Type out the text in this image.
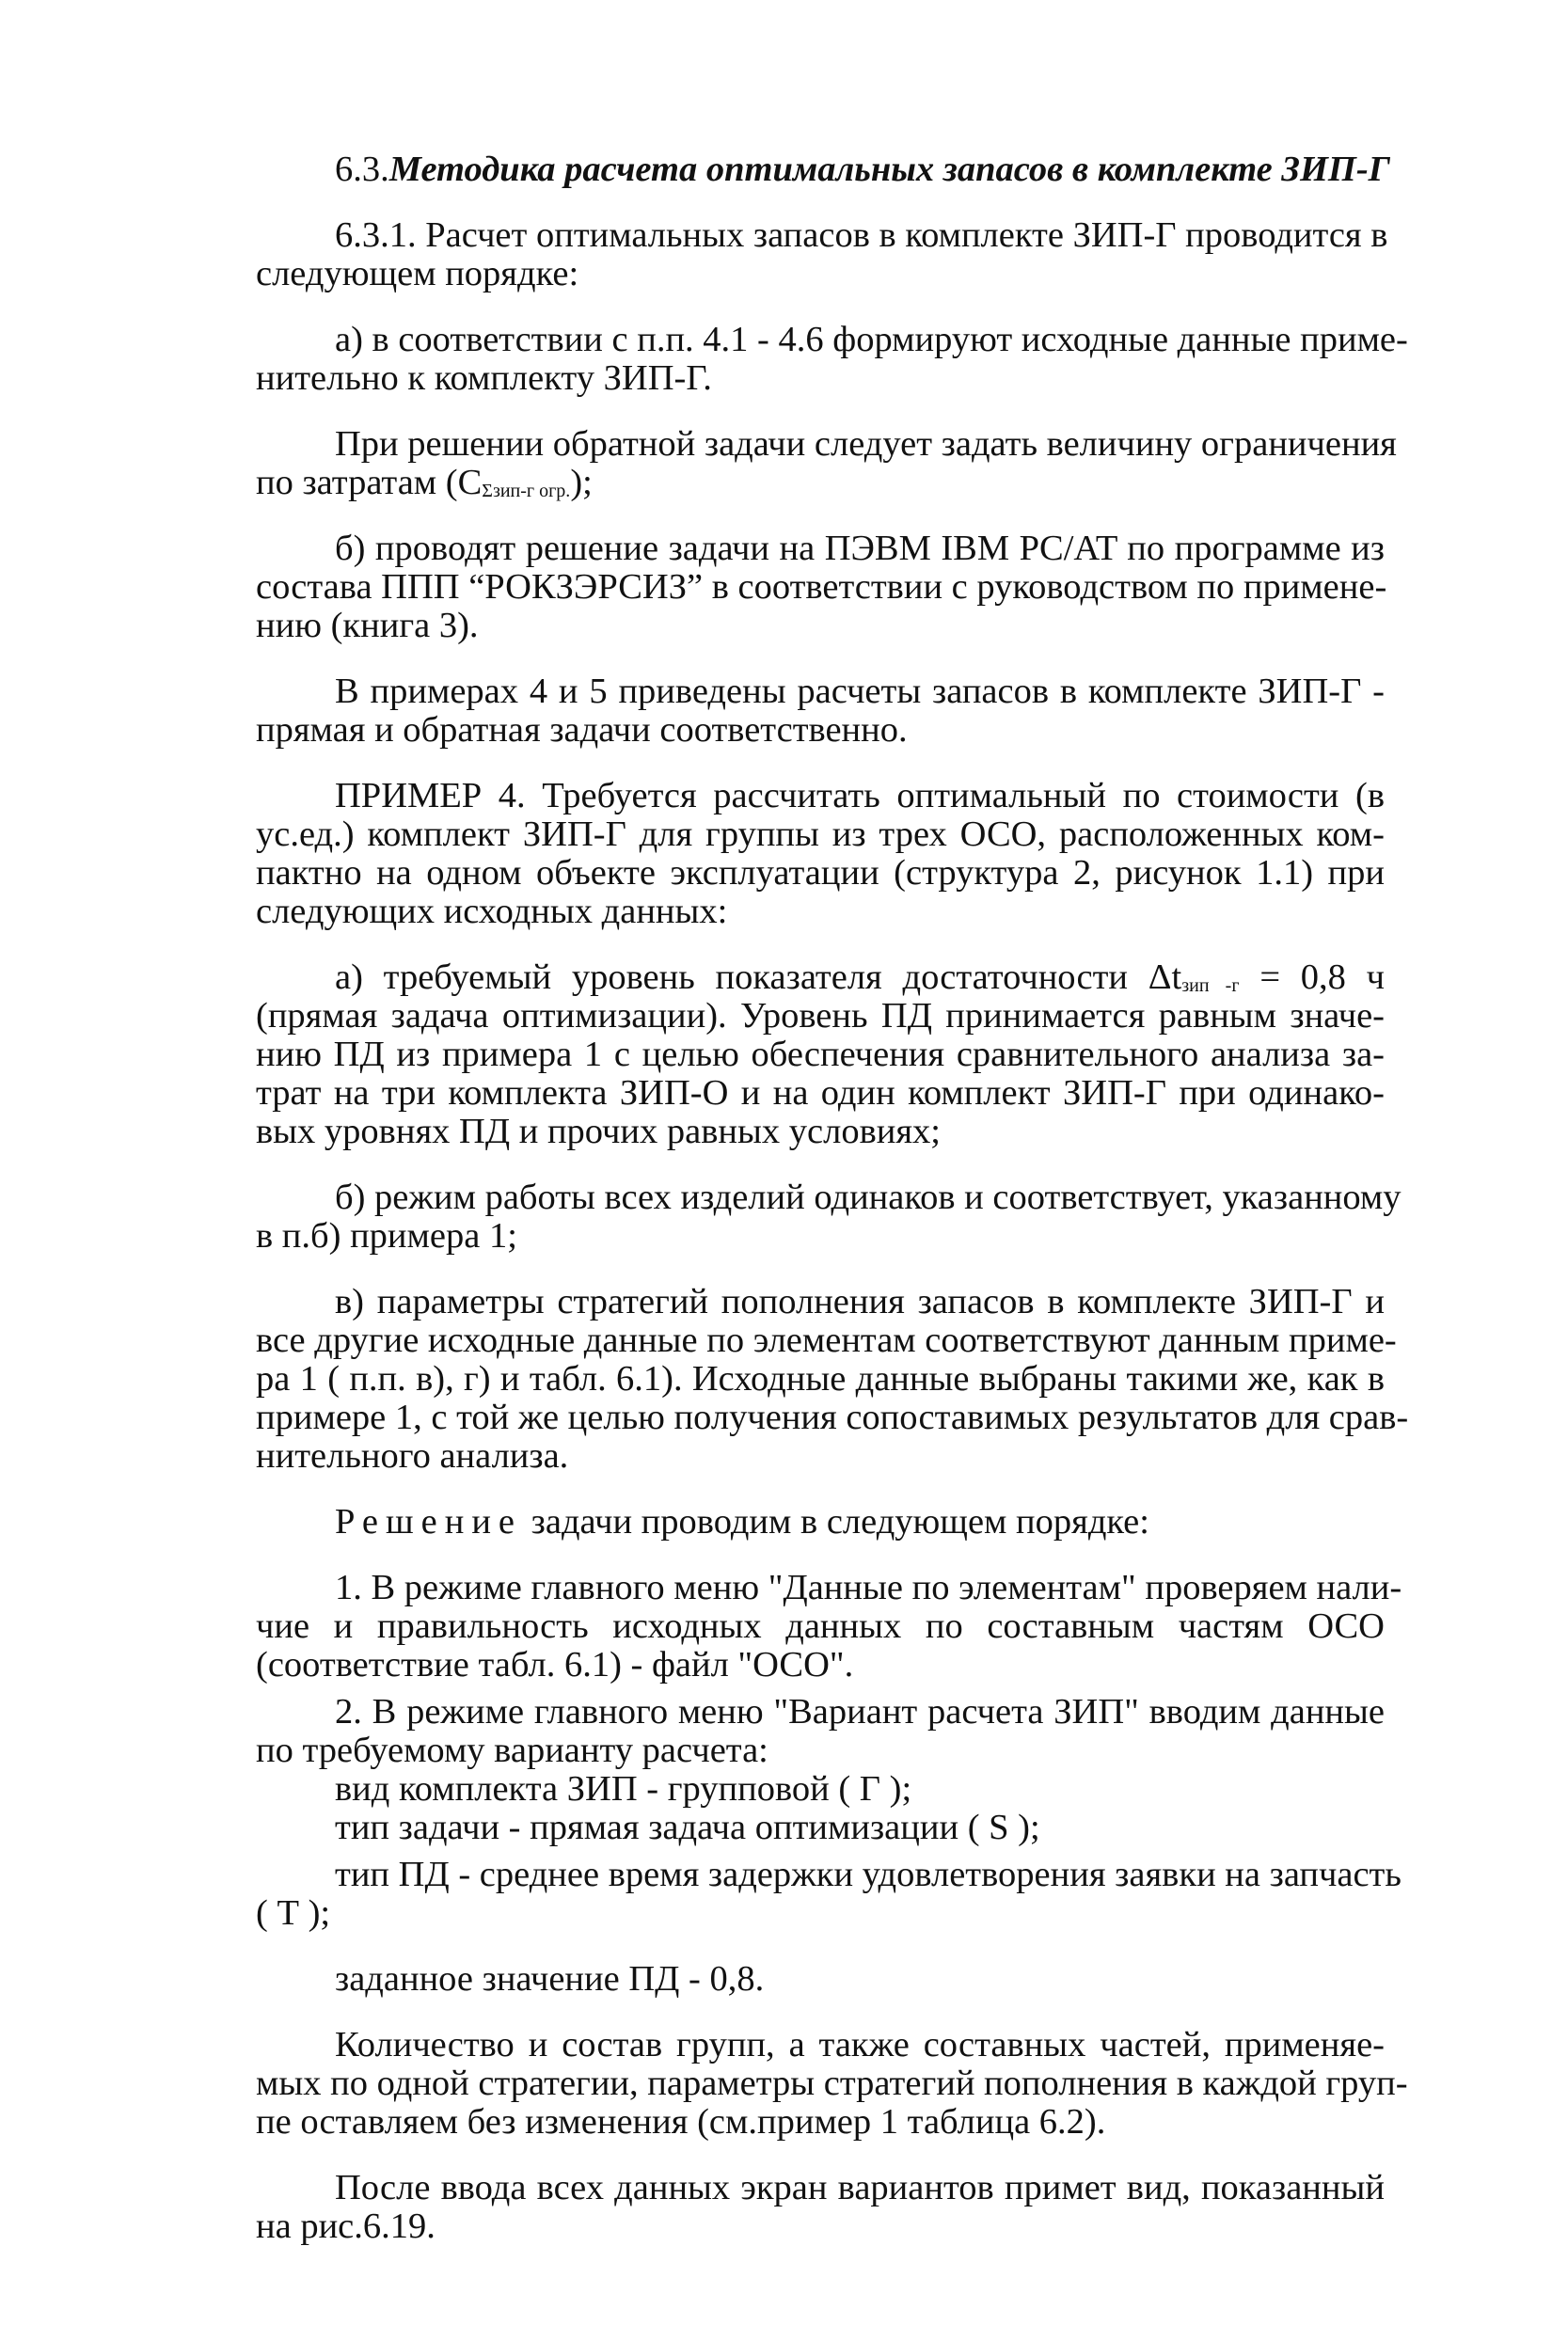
6.3.Методика расчета оптимальных запасов в комплекте ЗИП-Г
6.3.1. Расчет оптимальных запасов в комплекте ЗИП-Г проводится в
следующем порядке:
а) в соответствии с п.п. 4.1 - 4.6 формируют исходные данные приме-
нительно к комплекту ЗИП-Г.
При решении обратной задачи следует задать величину ограничения
по затратам $(С_{\Sigma зип-г огр.})$;
б) проводят решение задачи на ПЭВМ IBM PC/AT по программе из
состава ППП “РОКЗЭРСИЗ” в соответствии с руководством по примене-
нию (книга 3).
В примерах 4 и 5 приведены расчеты запасов в комплекте ЗИП-Г -
прямая и обратная задачи соответственно.
ПРИМЕР 4. Требуется рассчитать оптимальный по стоимости (в
ус.ед.) комплект ЗИП-Г для группы из трех ОСО, расположенных ком-
пактно на одном объекте эксплуатации (структура 2, рисунок 1.1) при
следующих исходных данных:
а) требуемый уровень показателя достаточности $\Delta t_{зип -г} = 0,8$ ч
(прямая задача оптимизации). Уровень ПД принимается равным значе-
нию ПД из примера 1 с целью обеспечения сравнительного анализа за-
трат на три комплекта ЗИП-О и на один комплект ЗИП-Г при одинако-
вых уровнях ПД и прочих равных условиях;
б) режим работы всех изделий одинаков и соответствует, указанному
в п.б) примера 1;
в) параметры стратегий пополнения запасов в комплекте ЗИП-Г и
все другие исходные данные по элементам соответствуют данным приме-
ра 1 ( п.п. в), г) и табл. 6.1). Исходные данные выбраны такими же, как в
примере 1, с той же целью получения сопоставимых результатов для срав-
нительного анализа.
Решение задачи проводим в следующем порядке:
1. В режиме главного меню "Данные по элементам" проверяем нали-
чие и правильность исходных данных по составным частям ОСО
(соответствие табл. 6.1) - файл "ОСО".
2. В режиме главного меню "Вариант расчета ЗИП" вводим данные
по требуемому варианту расчета:
вид комплекта ЗИП - групповой ( Г );
тип задачи - прямая задача оптимизации ( S );
тип ПД - среднее время задержки удовлетворения заявки на запчасть
( Т );
заданное значение ПД - 0,8.
Количество и состав групп, а также составных частей, применяе-
мых по одной стратегии, параметры стратегий пополнения в каждой груп-
пе оставляем без изменения (см.пример 1 таблица 6.2).
После ввода всех данных экран вариантов примет вид, показанный
на рис.6.19.
